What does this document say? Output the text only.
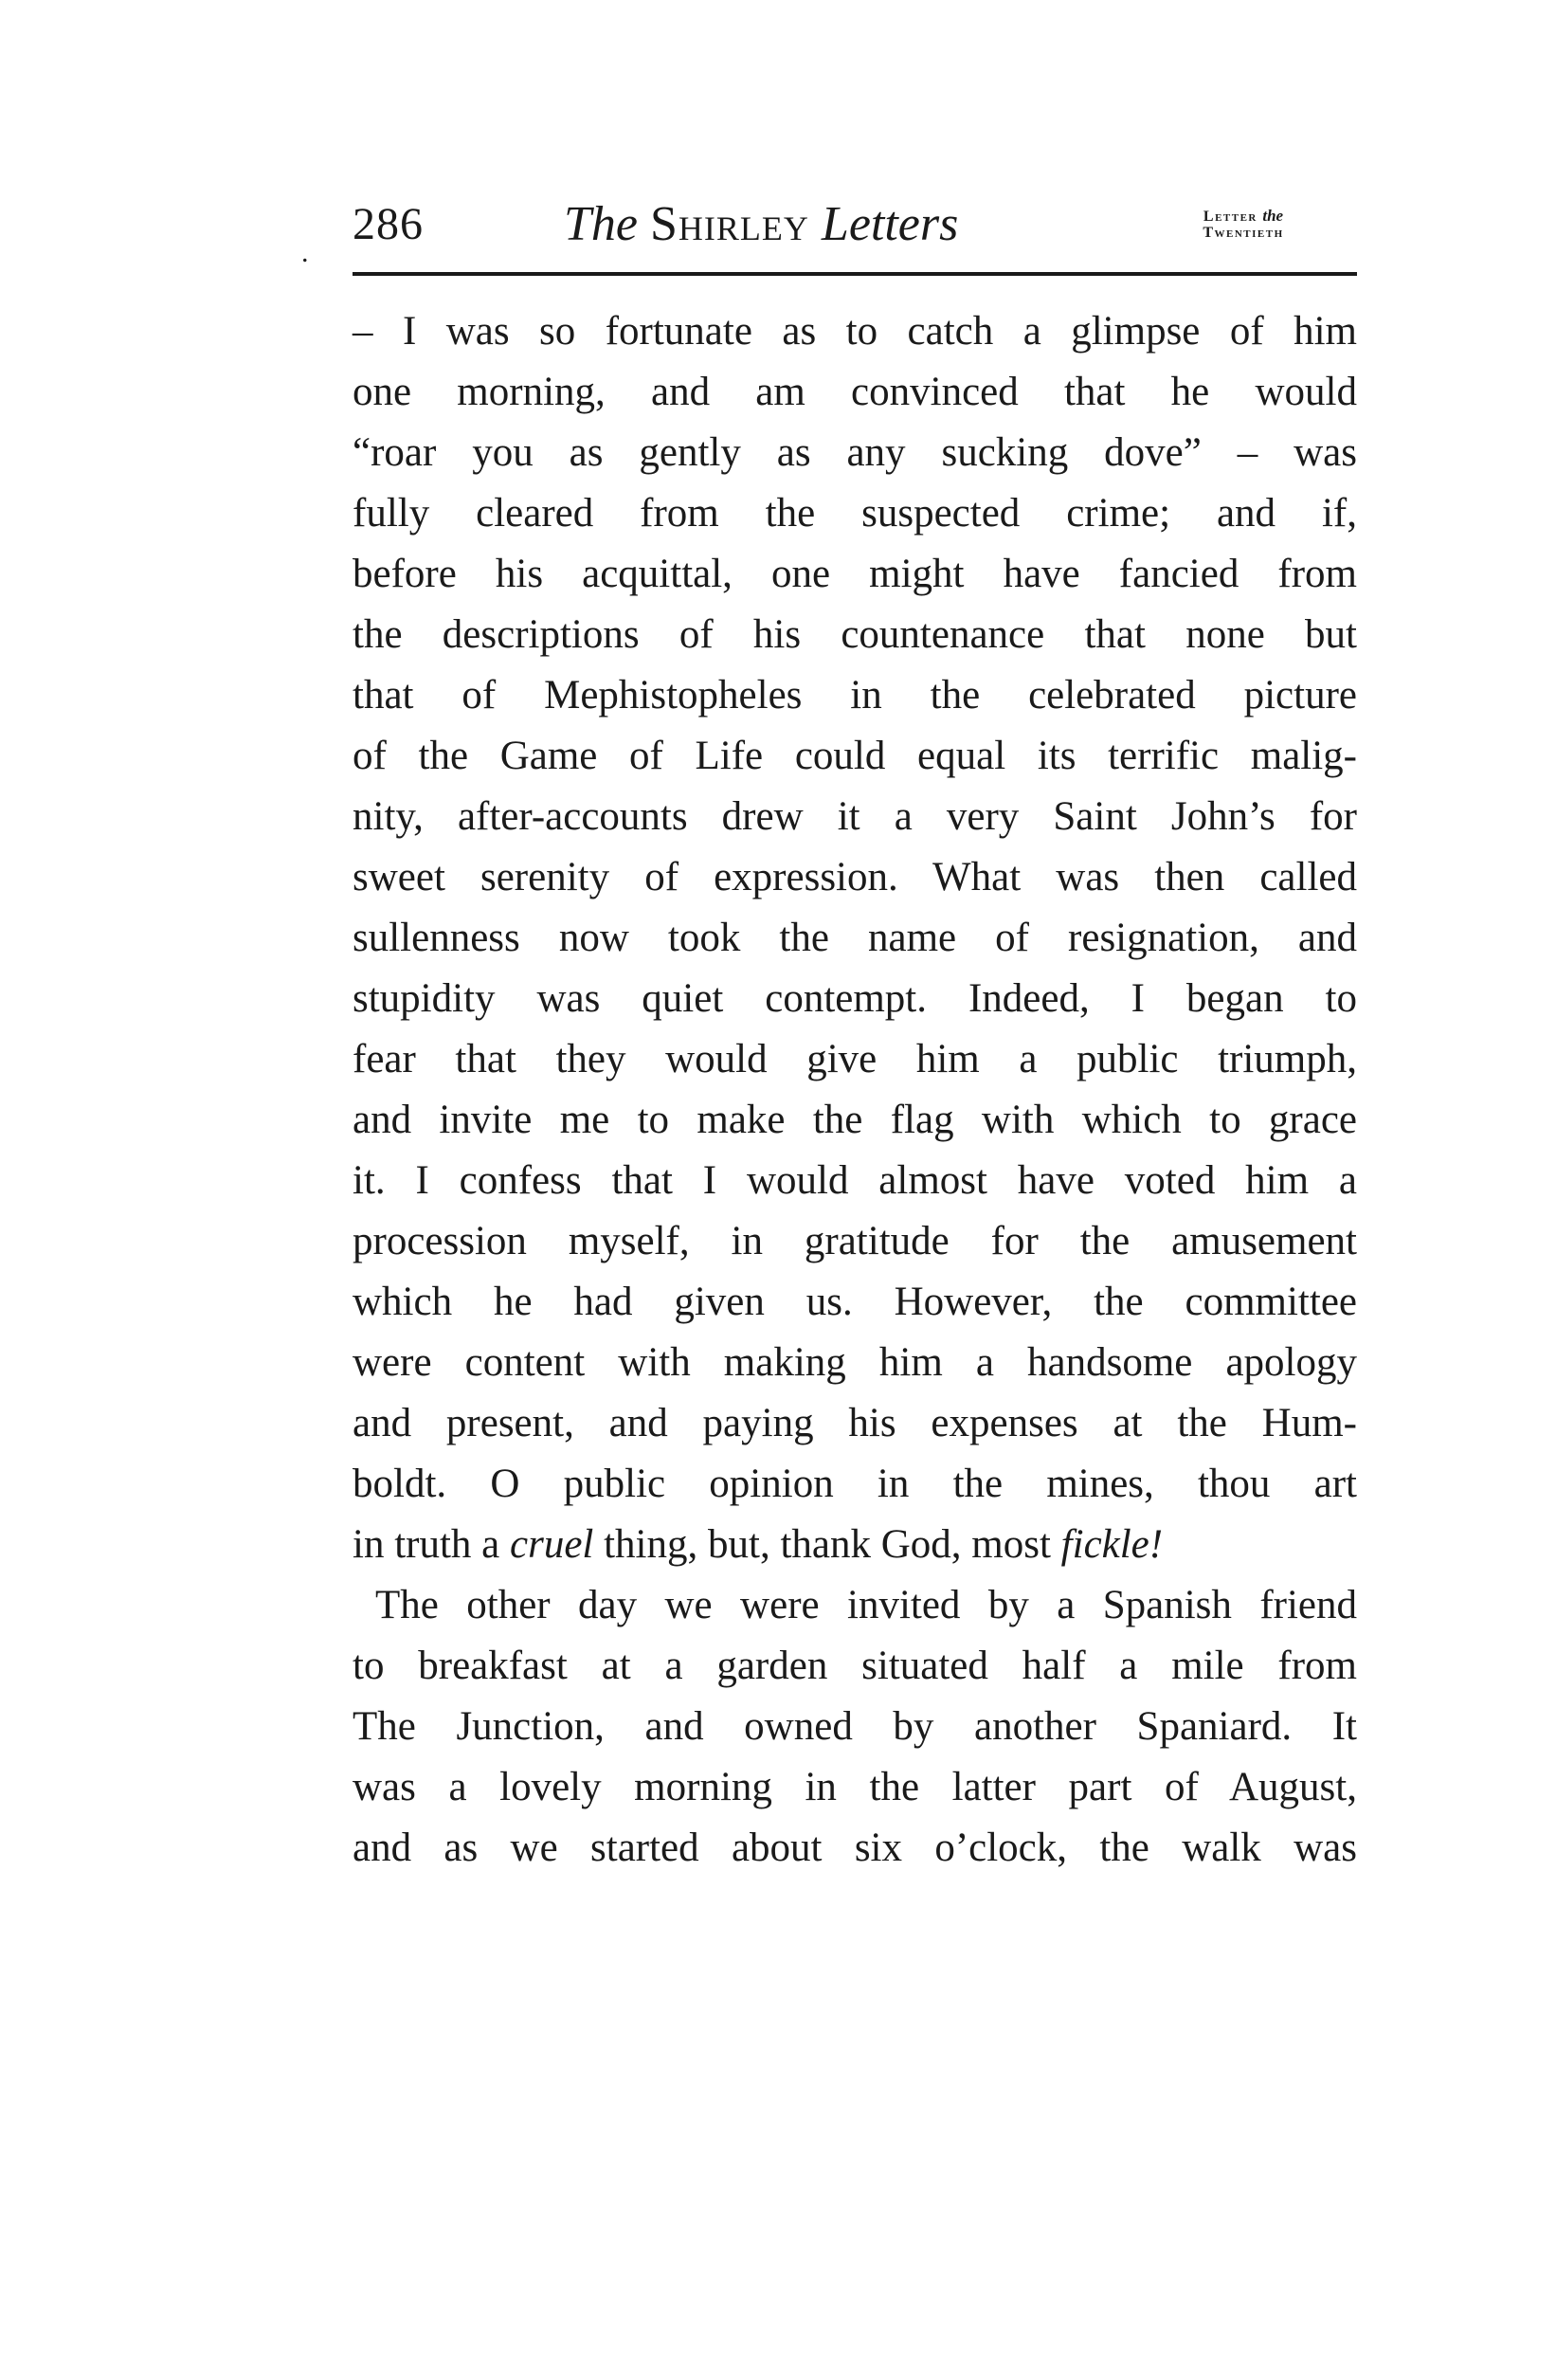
.
286	The Shirley Letters	Letter the
Twentieth
– I was so fortunate as to catch a glimpse of him
one morning, and am convinced that he would
“roar you as gently as any sucking dove” – was
fully cleared from the suspected crime; and if,
before his acquittal, one might have fancied from
the descriptions of his countenance that none but
that of Mephistopheles in the celebrated picture
of the Game of Life could equal its terrific malig-
nity, after-accounts drew it a very Saint John’s for
sweet serenity of expression. What was then called
sullenness now took the name of resignation, and
stupidity was quiet contempt. Indeed, I began to
fear that they would give him a public triumph,
and invite me to make the flag with which to grace
it. I confess that I would almost have voted him a
procession myself, in gratitude for the amusement
which he had given us. However, the committee
were content with making him a handsome apology
and present, and paying his expenses at the Hum-
boldt. O public opinion in the mines, thou art
in truth a cruel thing, but, thank God, most fickle!
The other day we were invited by a Spanish friend
to breakfast at a garden situated half a mile from
The Junction, and owned by another Spaniard. It
was a lovely morning in the latter part of August,
and as we started about six o’clock, the walk was
